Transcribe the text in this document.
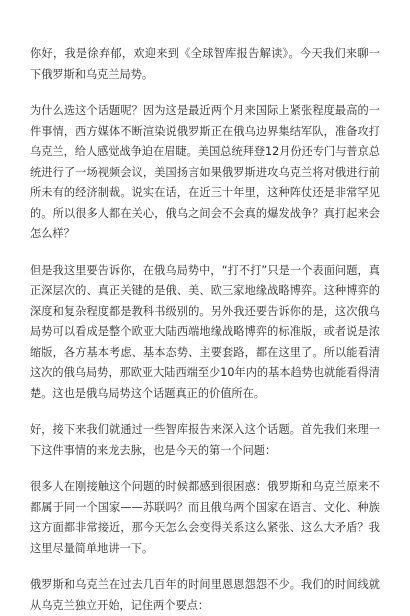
你好，我是徐弃郁，欢迎来到《全球智库报告解读》。今天我们来聊一下俄罗斯和乌克兰局势。

为什么选这个话题呢？因为这是最近两个月来国际上紧张程度最高的一件事情，西方媒体不断渲染说俄罗斯正在俄乌边界集结军队，准备攻打乌克兰，给人感觉战争迫在眉睫。美国总统拜登12月份还专门与普京总统进行了一场视频会议，美国扬言如果俄罗斯进攻乌克兰将对俄进行前所未有的经济制裁。说实在话，在近三十年里，这种阵仗还是非常罕见的。所以很多人都在关心，俄乌之间会不会真的爆发战争？真打起来会怎么样？

但是我这里要告诉你，在俄乌局势中，“打不打”只是一个表面问题，真正深层次的、真正关键的是俄、美、欧三家地缘战略博弈。这种博弈的深度和复杂程度都是教科书级别的。另外我还要告诉你的是，这次俄乌局势可以看成是整个欧亚大陆西端地缘战略博弈的标准版，或者说是浓缩版，各方基本考虑、基本态势、主要套路，都在这里了。所以能看清这次的俄乌局势，那欧亚大陆西端至少10年内的基本趋势也就能看得清楚。这也是俄乌局势这个话题真正的价值所在。

好，接下来我们就通过一些智库报告来深入这个话题。首先我们来理一下这件事情的来龙去脉，也是今天的第一个问题：

很多人在刚接触这个问题的时候都感到很困惑：俄罗斯和乌克兰原来不都属于同一个国家——苏联吗？而且俄乌两个国家在语言、文化、种族这方面都非常接近，那今天怎么会变得关系这么紧张、这么大矛盾？我这里尽量简单地讲一下。

俄罗斯和乌克兰在过去几百年的时间里恩恩怨怨不少。我们的时间线就从乌克兰独立开始，记住两个要点：
